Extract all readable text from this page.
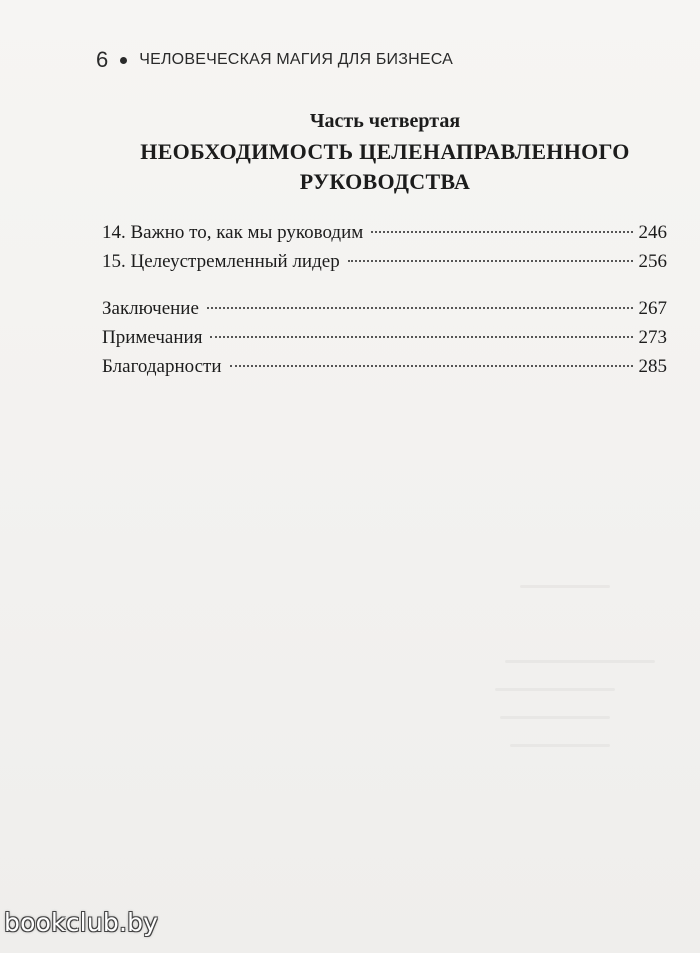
6 ЧЕЛОВЕЧЕСКАЯ МАГИЯ ДЛЯ БИЗНЕСА
Часть четвертая
НЕОБХОДИМОСТЬ ЦЕЛЕНАПРАВЛЕННОГО
РУКОВОДСТВА
14. Важно то, как мы руководим	246
15. Целеустремленный лидер	256
Заключение	267
Примечания	273
Благодарности	285
bookclub.by
